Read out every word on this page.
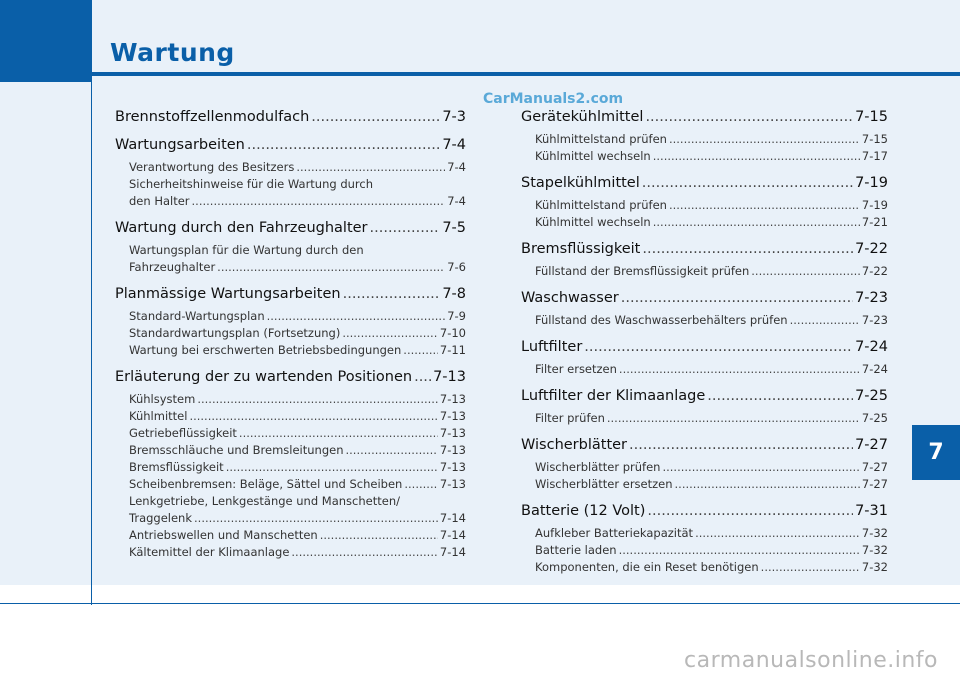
Wartung
CarManuals2.com
Brennstoffzellenmodulfach .....	7-3
Wartungsarbeiten .....	7-4
Verantwortung des Besitzers .....	7-4
Sicherheitshinweise für die Wartung durch
den Halter .....	7-4
Wartung durch den Fahrzeughalter .....	7-5
Wartungsplan für die Wartung durch den
Fahrzeughalter .....	7-6
Planmässige Wartungsarbeiten .....	7-8
Standard-Wartungsplan .....	7-9
Standardwartungsplan (Fortsetzung) .....	7-10
Wartung bei erschwerten Betriebsbedingungen .....	7-11
Erläuterung der zu wartenden Positionen ..... 7-13
Kühlsystem .....	7-13
Kühlmittel .....	7-13
Getriebeflüssigkeit .....	7-13
Bremsschläuche und Bremsleitungen .....	7-13
Bremsflüssigkeit .....	7-13
Scheibenbremsen: Beläge, Sättel und Scheiben .....	7-13
Lenkgetriebe, Lenkgestänge und Manschetten/
Traggelenk .....	7-14
Antriebswellen und Manschetten .....	7-14
Kältemittel der Klimaanlage .....	7-14
Gerätekühlmittel .....	7-15
Kühlmittelstand prüfen .....	7-15
Kühlmittel wechseln .....	7-17
Stapelkühlmittel .....	7-19
Kühlmittelstand prüfen .....	7-19
Kühlmittel wechseln .....	7-21
Bremsflüssigkeit .....	7-22
Füllstand der Bremsflüssigkeit prüfen .....	7-22
Waschwasser .....	7-23
Füllstand des Waschwasserbehälters prüfen .....	7-23
Luftfilter .....	7-24
Filter ersetzen .....	7-24
Luftfilter der Klimaanlage .....	7-25
Filter prüfen .....	7-25
Wischerblätter .....	7-27
Wischerblätter prüfen .....	7-27
Wischerblätter ersetzen .....	7-27
Batterie (12 Volt) .....	7-31
Aufkleber Batteriekapazität .....	7-32
Batterie laden .....	7-32
Komponenten, die ein Reset benötigen .....	7-32
7
carmanualsonline.info
